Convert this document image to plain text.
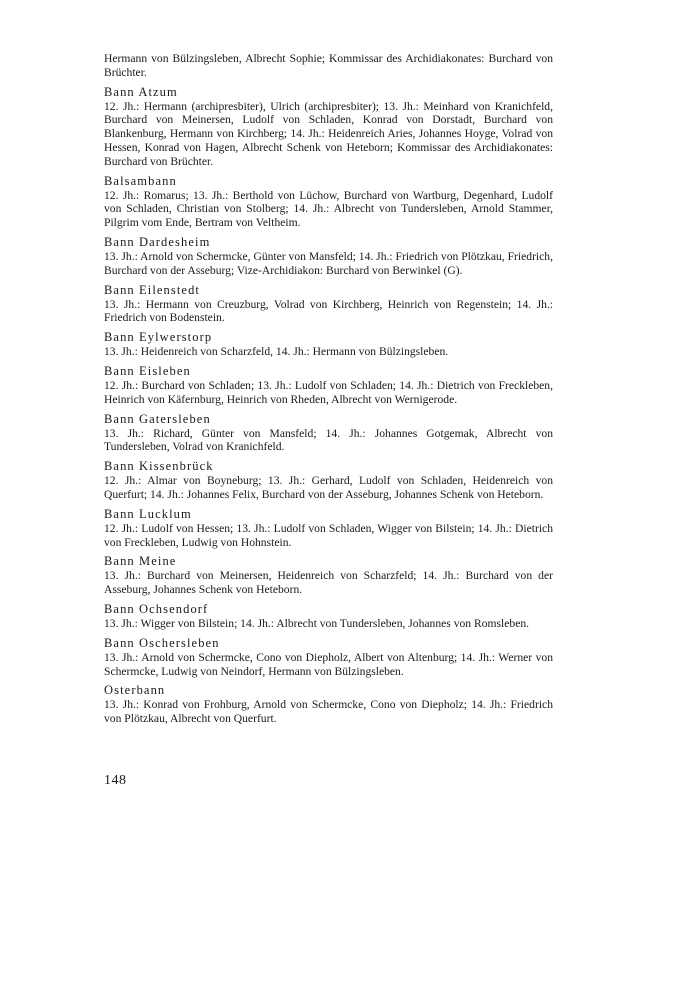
Hermann von Bülzingsleben, Albrecht Sophie; Kommissar des Archidiakonates: Burchard von Brüchter.

Bann Atzum

12. Jh.: Hermann (archipresbiter), Ulrich (archipresbiter); 13. Jh.: Meinhard von Kranichfeld, Burchard von Meinersen, Ludolf von Schladen, Konrad von Dorstadt, Burchard von Blankenburg, Hermann von Kirchberg; 14. Jh.: Heidenreich Aries, Johannes Hoyge, Volrad von Hessen, Konrad von Hagen, Albrecht Schenk von Heteborn; Kommissar des Archidiakonates: Burchard von Brüchter.

Balsambann

12. Jh.: Romarus; 13. Jh.: Berthold von Lüchow, Burchard von Wartburg, Degenhard, Ludolf von Schladen, Christian von Stolberg; 14. Jh.: Albrecht von Tundersleben, Arnold Stammer, Pilgrim vom Ende, Bertram von Veltheim.

Bann Dardesheim

13. Jh.: Arnold von Schermcke, Günter von Mansfeld; 14. Jh.: Friedrich von Plötzkau, Friedrich, Burchard von der Asseburg; Vize-Archidiakon: Burchard von Berwinkel (G).

Bann Eilenstedt

13. Jh.: Hermann von Creuzburg, Volrad von Kirchberg, Heinrich von Regenstein; 14. Jh.: Friedrich von Bodenstein.

Bann Eylwerstorp

13. Jh.: Heidenreich von Scharzfeld, 14. Jh.: Hermann von Bülzingsleben.

Bann Eisleben

12. Jh.: Burchard von Schladen; 13. Jh.: Ludolf von Schladen; 14. Jh.: Dietrich von Freckleben, Heinrich von Käfernburg, Heinrich von Rheden, Albrecht von Wernigerode.

Bann Gatersleben

13. Jh.: Richard, Günter von Mansfeld; 14. Jh.: Johannes Gotgemak, Albrecht von Tundersleben, Volrad von Kranichfeld.

Bann Kissenbrück

12. Jh.: Almar von Boyneburg; 13. Jh.: Gerhard, Ludolf von Schladen, Heidenreich von Querfurt; 14. Jh.: Johannes Felix, Burchard von der Asseburg, Johannes Schenk von Heteborn.

Bann Lucklum

12. Jh.: Ludolf von Hessen; 13. Jh.: Ludolf von Schladen, Wigger von Bilstein; 14. Jh.: Dietrich von Freckleben, Ludwig von Hohnstein.

Bann Meine

13. Jh.: Burchard von Meinersen, Heidenreich von Scharzfeld; 14. Jh.: Burchard von der Asseburg, Johannes Schenk von Heteborn.

Bann Ochsendorf

13. Jh.: Wigger von Bilstein; 14. Jh.: Albrecht von Tundersleben, Johannes von Romsleben.

Bann Oschersleben

13. Jh.: Arnold von Schermcke, Cono von Diepholz, Albert von Altenburg; 14. Jh.: Werner von Schermcke, Ludwig von Neindorf, Hermann von Bülzingsleben.

Osterbann

13. Jh.: Konrad von Frohburg, Arnold von Schermcke, Cono von Diepholz; 14. Jh.: Friedrich von Plötzkau, Albrecht von Querfurt.

148
